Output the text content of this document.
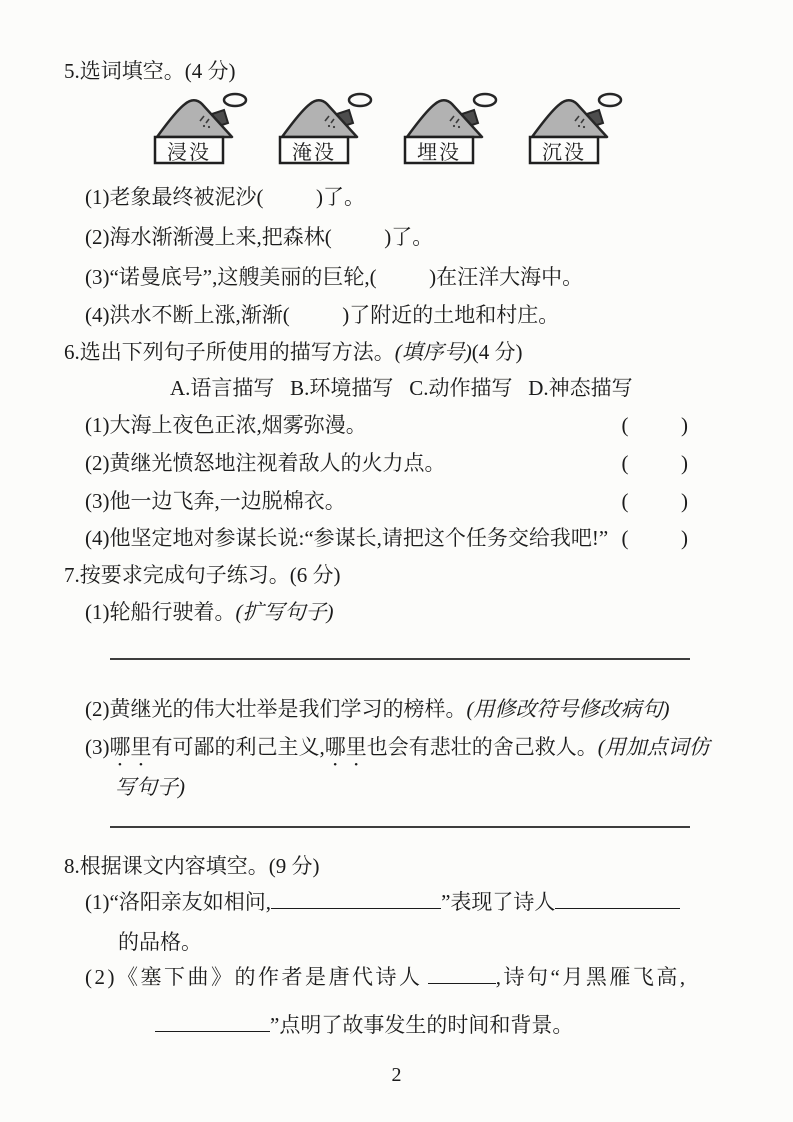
5.选词填空。(4 分)
浸没	淹没	埋没	沉没
(1)老象最终被泥沙(          )了。
(2)海水渐渐漫上来,把森林(          )了。
(3)“诺曼底号”,这艘美丽的巨轮,(          )在汪洋大海中。
(4)洪水不断上涨,渐渐(          )了附近的土地和村庄。
6.选出下列句子所使用的描写方法。(填序号)(4 分)
A.语言描写 B.环境描写 C.动作描写 D.神态描写
(1)大海上夜色正浓,烟雾弥漫。	(          )
(2)黄继光愤怒地注视着敌人的火力点。	(          )
(3)他一边飞奔,一边脱棉衣。	(          )
(4)他坚定地对参谋长说:“参谋长,请把这个任务交给我吧!” (          )
7.按要求完成句子练习。(6 分)
(1)轮船行驶着。(扩写句子)
(2)黄继光的伟大壮举是我们学习的榜样。(用修改符号修改病句)
(3)哪里有可鄙的利己主义,哪里也会有悲壮的舍己救人。(用加点词仿
写句子)
8.根据课文内容填空。(9 分)
(1)“洛阳亲友如相问,	”表现了诗人
的品格。
(2)《塞下曲》的作者是唐代诗人	,诗句“月黑雁飞高,
”点明了故事发生的时间和背景。
2
